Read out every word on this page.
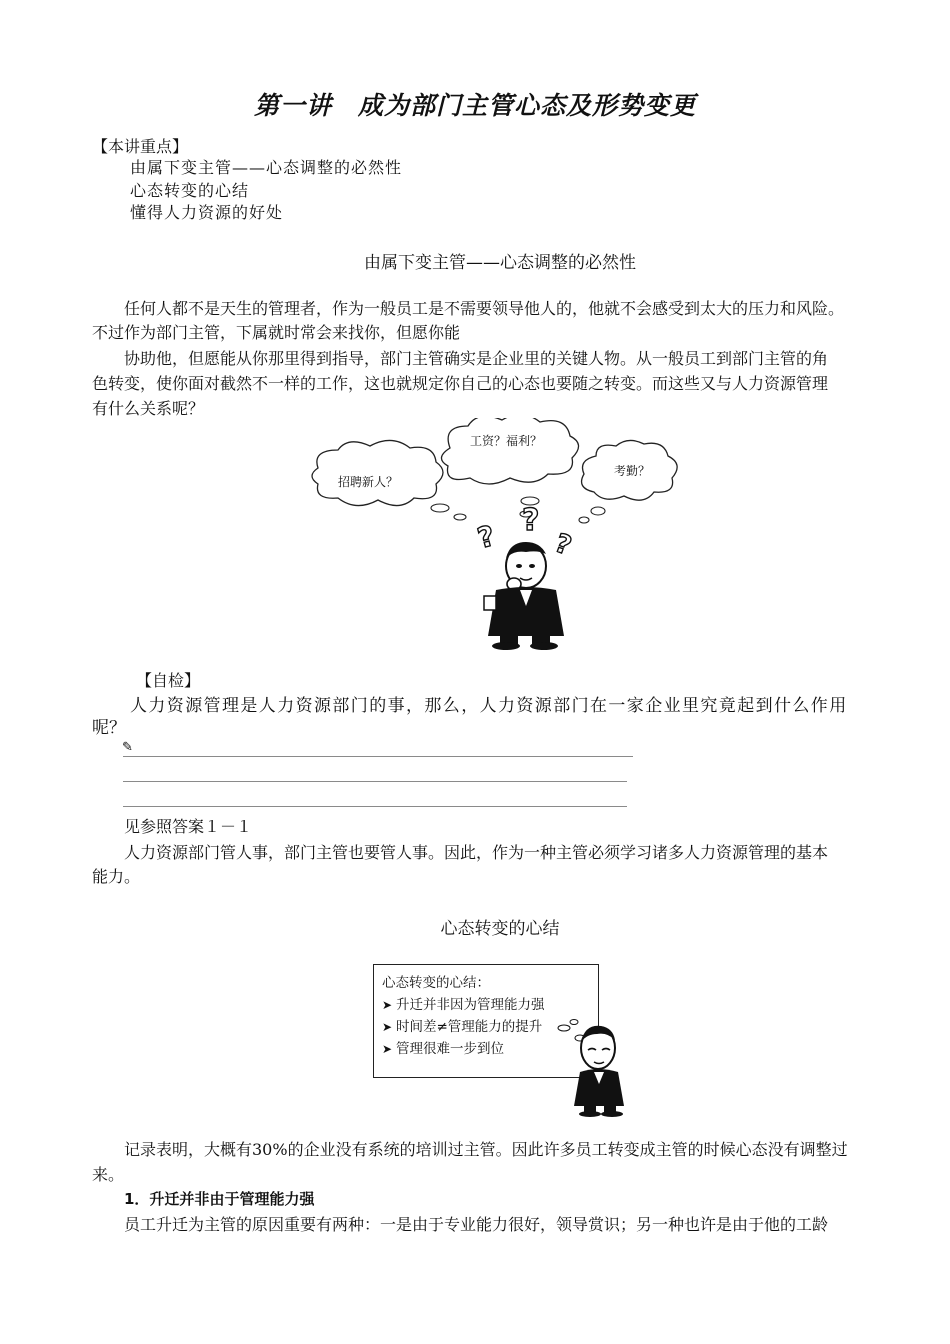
第一讲　成为部门主管心态及形势变更
【本讲重点】
由属下变主管——心态调整的必然性
心态转变的心结
懂得人力资源的好处
由属下变主管——心态调整的必然性
任何人都不是天生的管理者，作为一般员工是不需要领导他人的，他就不会感受到太大的压力和风险。
不过作为部门主管，下属就时常会来找你，但愿你能
协助他，但愿能从你那里得到指导，部门主管确实是企业里的关键人物。从一般员工到部门主管的角
色转变，使你面对截然不一样的工作，这也就规定你自己的心态也要随之转变。而这些又与人力资源管理
有什么关系呢？
? ?
?
工资？福利？
招聘新人？
考勤？
【自检】
人力资源管理是人力资源部门的事，那么，人力资源部门在一家企业里究竟起到什么作用
呢？
✎
见参照答案１－１
人力资源部门管人事，部门主管也要管人事。因此，作为一种主管必须学习诸多人力资源管理的基本
能力。
心态转变的心结
心态转变的心结：
➤ 升迁并非因为管理能力强
➤ 时间差≠管理能力的提升
➤ 管理很难一步到位
记录表明，大概有30%的企业没有系统的培训过主管。因此许多员工转变成主管的时候心态没有调整过
来。
1．升迁并非由于管理能力强
员工升迁为主管的原因重要有两种：一是由于专业能力很好，领导赏识；另一种也许是由于他的工龄
